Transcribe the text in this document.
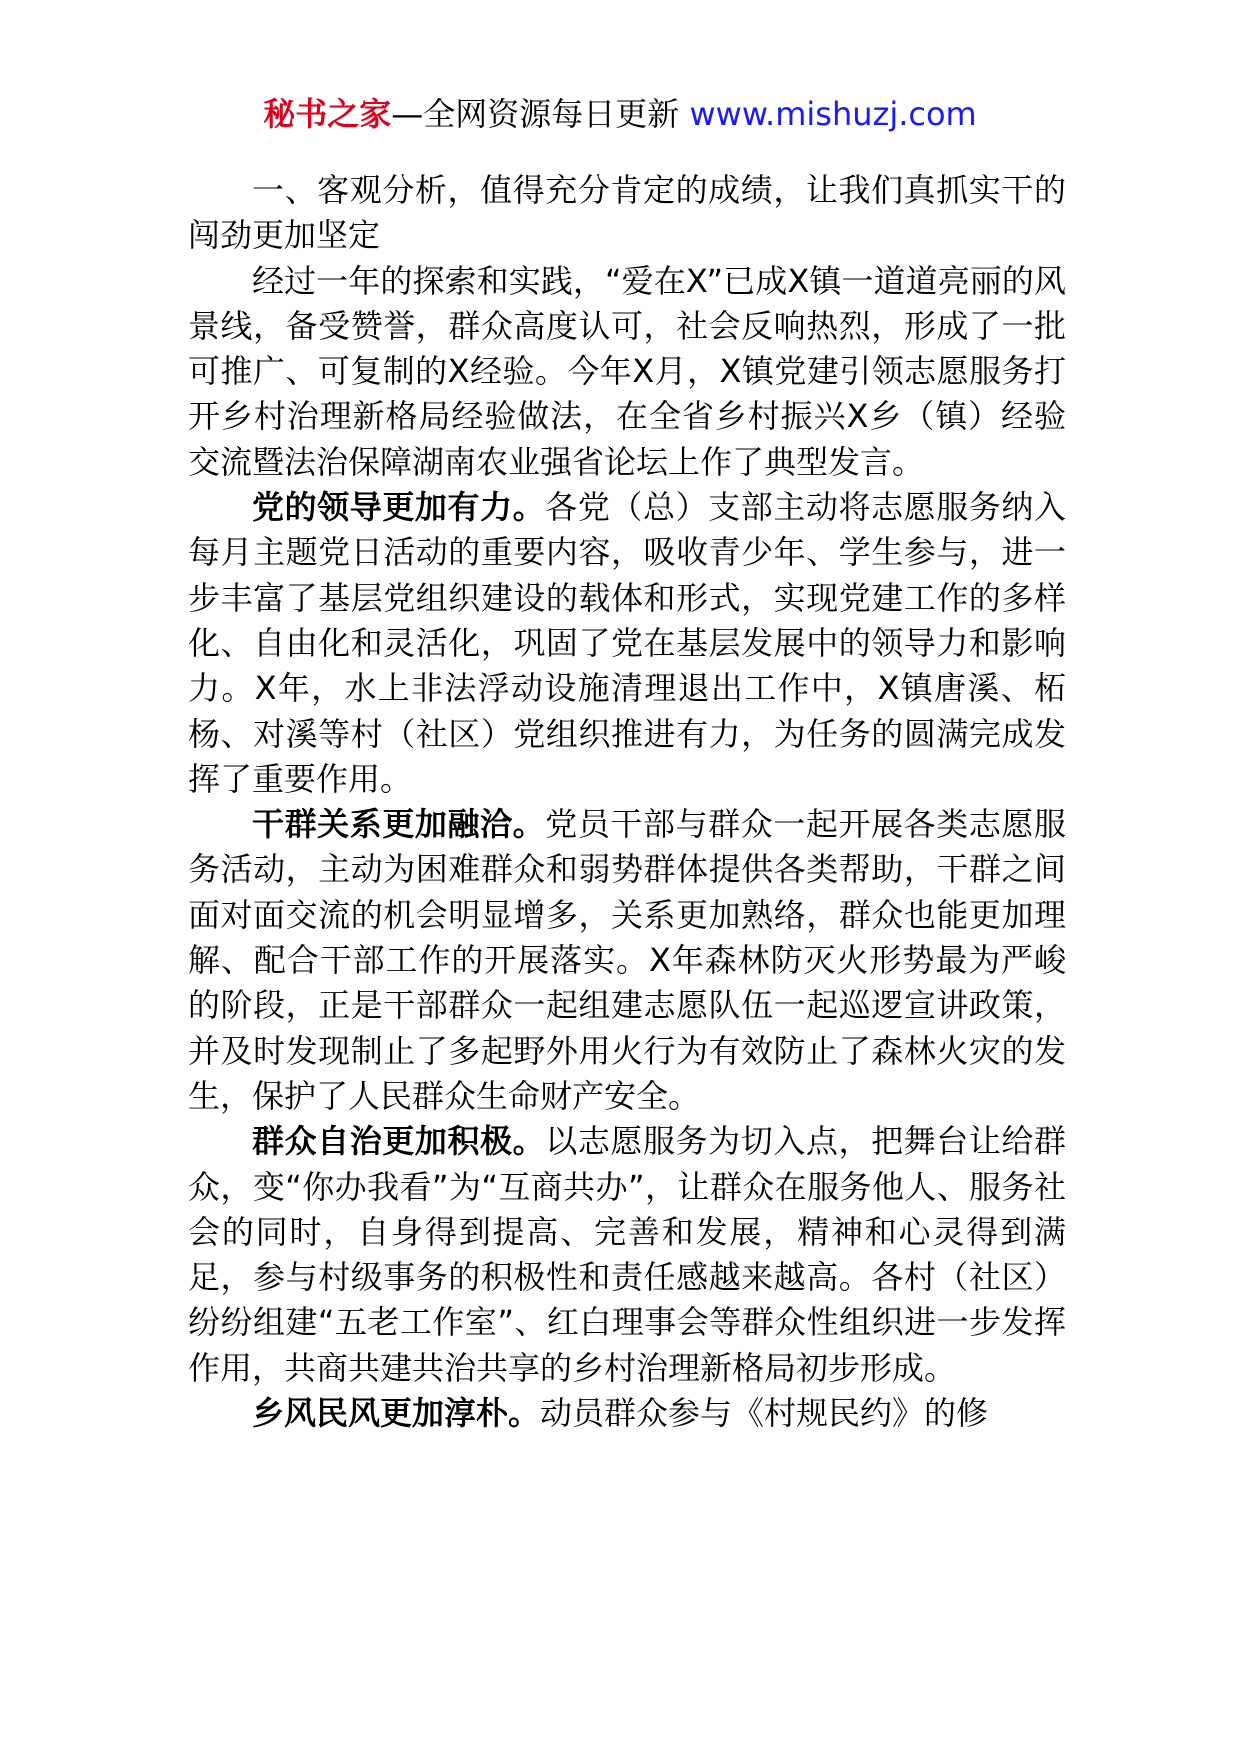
秘书之家—全网资源每日更新 www.mishuzj.com

一、客观分析，值得充分肯定的成绩，让我们真抓实干的闯劲更加坚定

经过一年的探索和实践，“爱在X”已成X镇一道道亮丽的风景线，备受赞誉，群众高度认可，社会反响热烈，形成了一批可推广、可复制的X经验。今年X月，X镇党建引领志愿服务打开乡村治理新格局经验做法，在全省乡村振兴X乡（镇）经验交流暨法治保障湖南农业强省论坛上作了典型发言。

党的领导更加有力。各党（总）支部主动将志愿服务纳入每月主题党日活动的重要内容，吸收青少年、学生参与，进一步丰富了基层党组织建设的载体和形式，实现党建工作的多样化、自由化和灵活化，巩固了党在基层发展中的领导力和影响力。X年，水上非法浮动设施清理退出工作中，X镇唐溪、柘杨、对溪等村（社区）党组织推进有力，为任务的圆满完成发挥了重要作用。

干群关系更加融洽。党员干部与群众一起开展各类志愿服务活动，主动为困难群众和弱势群体提供各类帮助，干群之间面对面交流的机会明显增多，关系更加熟络，群众也能更加理解、配合干部工作的开展落实。X年森林防灭火形势最为严峻的阶段，正是干部群众一起组建志愿队伍一起巡逻宣讲政策，并及时发现制止了多起野外用火行为有效防止了森林火灾的发生，保护了人民群众生命财产安全。

群众自治更加积极。以志愿服务为切入点，把舞台让给群众，变“你办我看”为“互商共办”，让群众在服务他人、服务社会的同时，自身得到提高、完善和发展，精神和心灵得到满足，参与村级事务的积极性和责任感越来越高。各村（社区）纷纷组建“五老工作室”、红白理事会等群众性组织进一步发挥作用，共商共建共治共享的乡村治理新格局初步形成。

乡风民风更加淳朴。动员群众参与《村规民约》的修
